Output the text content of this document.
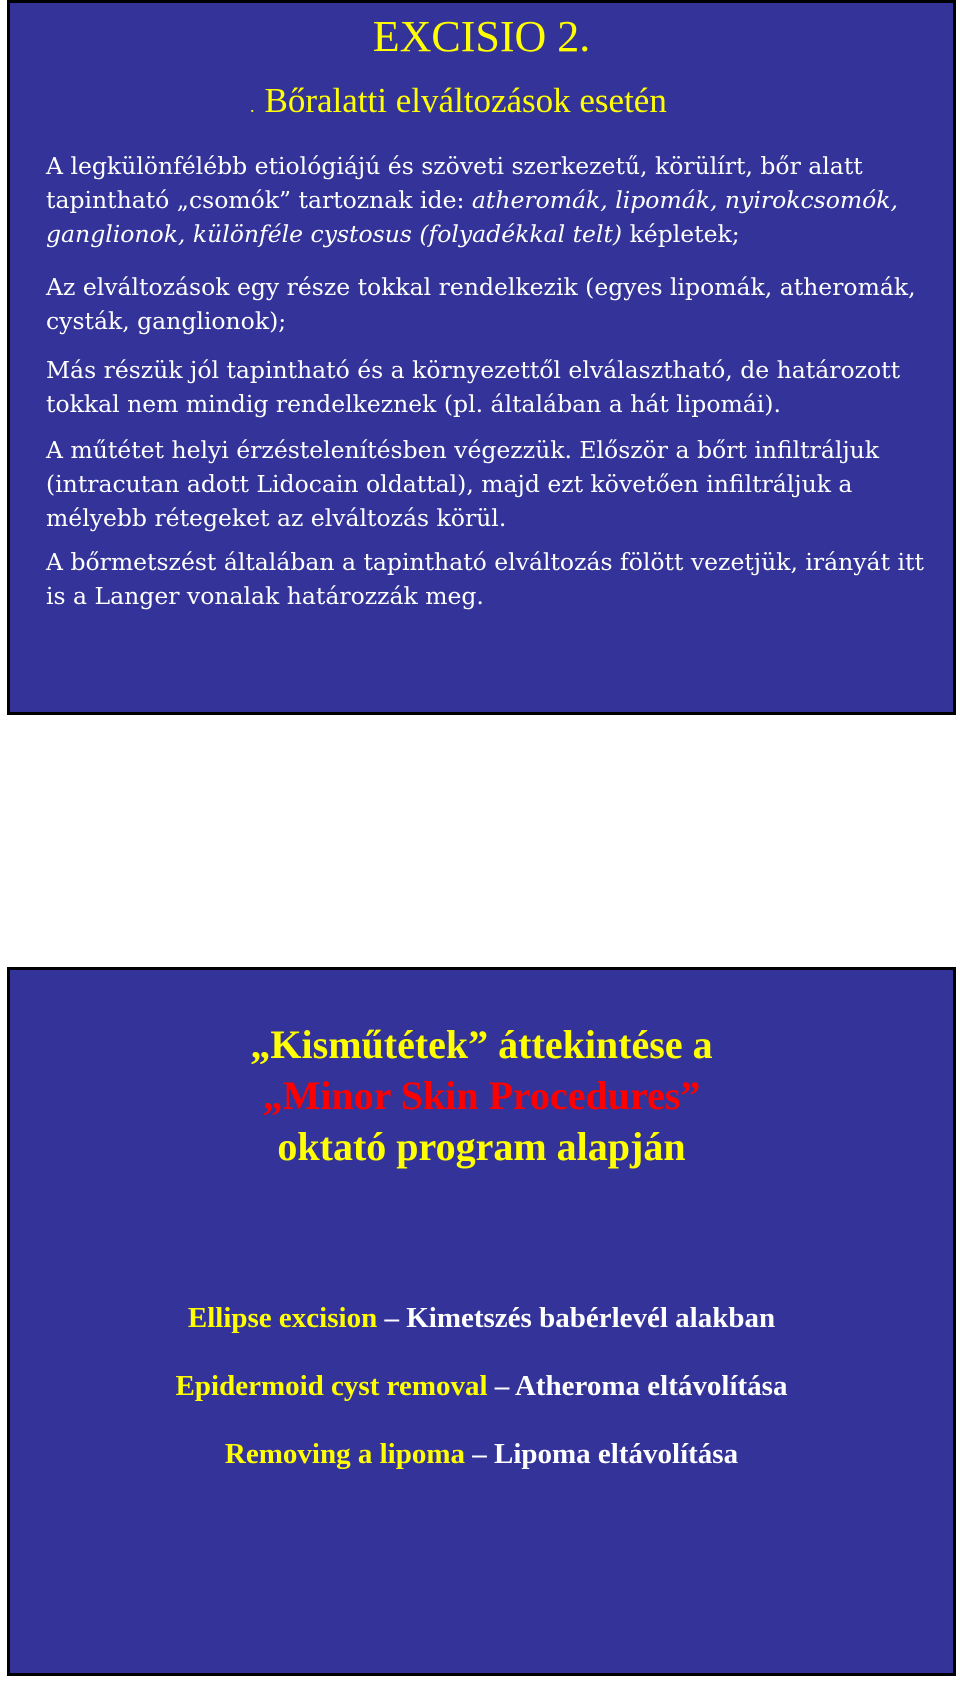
EXCISIO 2.
. Bőralatti elváltozások esetén

A legkülönfélébb etiológiájú és szöveti szerkezetű, körülírt, bőr alatt tapintható „csomók” tartoznak ide: atheromák, lipomák, nyirokcsomók, ganglionok, különféle cystosus (folyadékkal telt) képletek;

Az elváltozások egy része tokkal rendelkezik (egyes lipomák, atheromák, cysták, ganglionok);

Más részük jól tapintható és a környezettől elválasztható, de határozott tokkal nem mindig rendelkeznek (pl. általában a hát lipomái).

A műtétet helyi érzéstelenítésben végezzük. Először a bőrt infiltráljuk (intracutan adott Lidocain oldattal), majd ezt követően infiltráljuk a mélyebb rétegeket az elváltozás körül.

A bőrmetszést általában a tapintható elváltozás fölött vezetjük, irányát itt is a Langer vonalak határozzák meg.

„Kisműtétek” áttekintése a
„Minor Skin Procedures”
oktató program alapján
Ellipse excision – Kimetszés babérlevél alakban
Epidermoid cyst removal – Atheroma eltávolítása
Removing a lipoma – Lipoma eltávolítása
